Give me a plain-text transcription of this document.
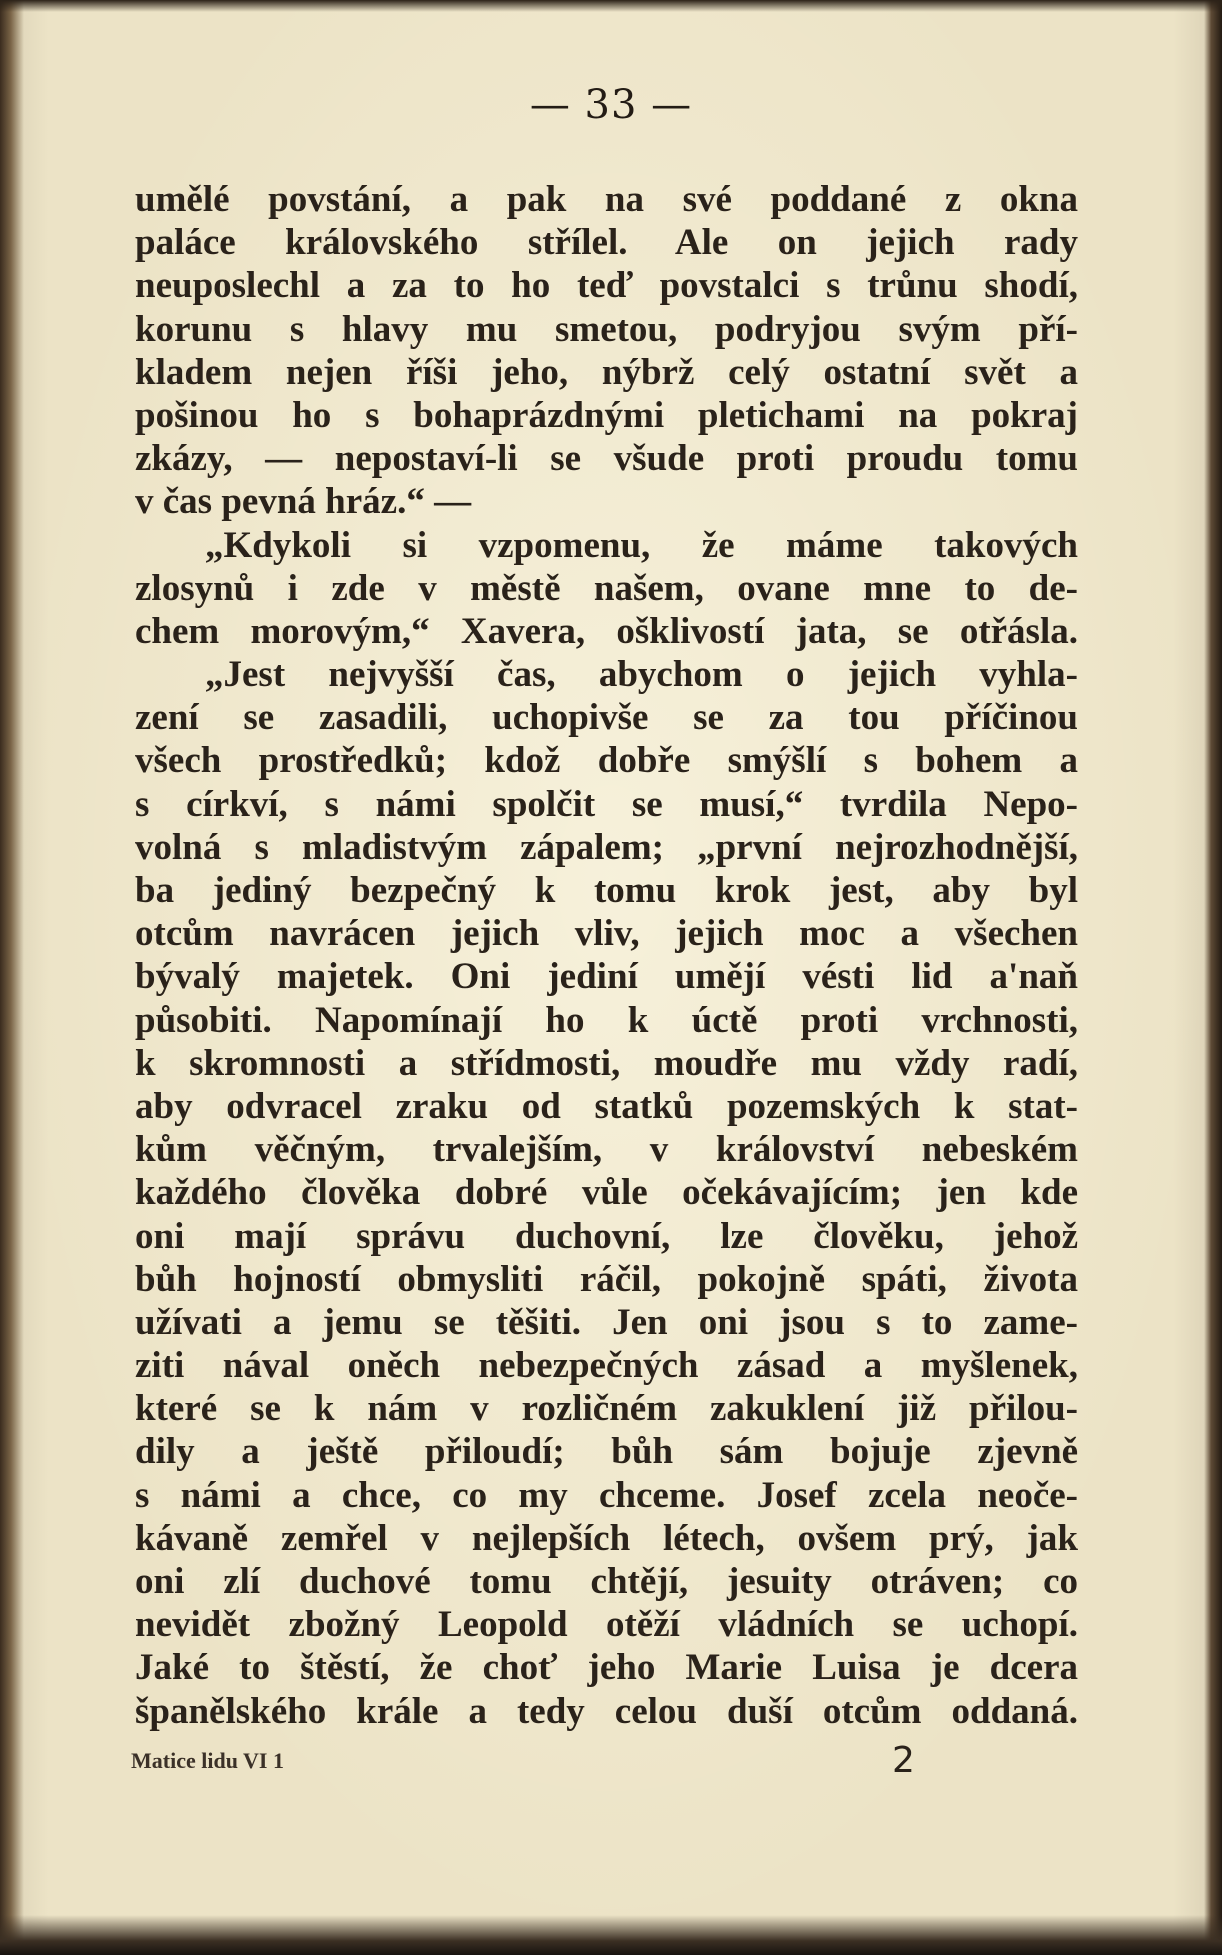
— 33 —
umělé povstání, a pak na své poddané z okna
paláce královského střílel. Ale on jejich rady
neuposlechl a za to ho teď povstalci s trůnu shodí,
korunu s hlavy mu smetou, podryjou svým pří-
kladem nejen říši jeho, nýbrž celý ostatní svět a
pošinou ho s bohaprázdnými pletichami na pokraj
zkázy, — nepostaví-li se všude proti proudu tomu
v čas pevná hráz.“ —
„Kdykoli si vzpomenu, že máme takových
zlosynů i zde v městě našem, ovane mne to de-
chem morovým,“ Xavera, ošklivostí jata, se otřásla.
„Jest nejvyšší čas, abychom o jejich vyhla-
zení se zasadili, uchopivše se za tou příčinou
všech prostředků; kdož dobře smýšlí s bohem a
s církví, s námi spolčit se musí,“ tvrdila Nepo-
volná s mladistvým zápalem; „první nejrozhodnější,
ba jediný bezpečný k tomu krok jest, aby byl
otcům navrácen jejich vliv, jejich moc a všechen
bývalý majetek. Oni jediní umějí vésti lid a'naň
působiti. Napomínají ho k úctě proti vrchnosti,
k skromnosti a střídmosti, moudře mu vždy radí,
aby odvracel zraku od statků pozemských k stat-
kům věčným, trvalejším, v království nebeském
každého člověka dobré vůle očekávajícím; jen kde
oni mají správu duchovní, lze člověku, jehož
bůh hojností obmysliti ráčil, pokojně spáti, života
užívati a jemu se těšiti. Jen oni jsou s to zame-
ziti nával oněch nebezpečných zásad a myšlenek,
které se k nám v rozličném zakuklení již přilou-
dily a ještě přiloudí; bůh sám bojuje zjevně
s námi a chce, co my chceme. Josef zcela neoče-
kávaně zemřel v nejlepších létech, ovšem prý, jak
oni zlí duchové tomu chtějí, jesuity otráven; co
nevidět zbožný Leopold otěží vládních se uchopí.
Jaké to štěstí, že choť jeho Marie Luisa je dcera
španělského krále a tedy celou duší otcům oddaná.
Matice lidu VI 1	2
